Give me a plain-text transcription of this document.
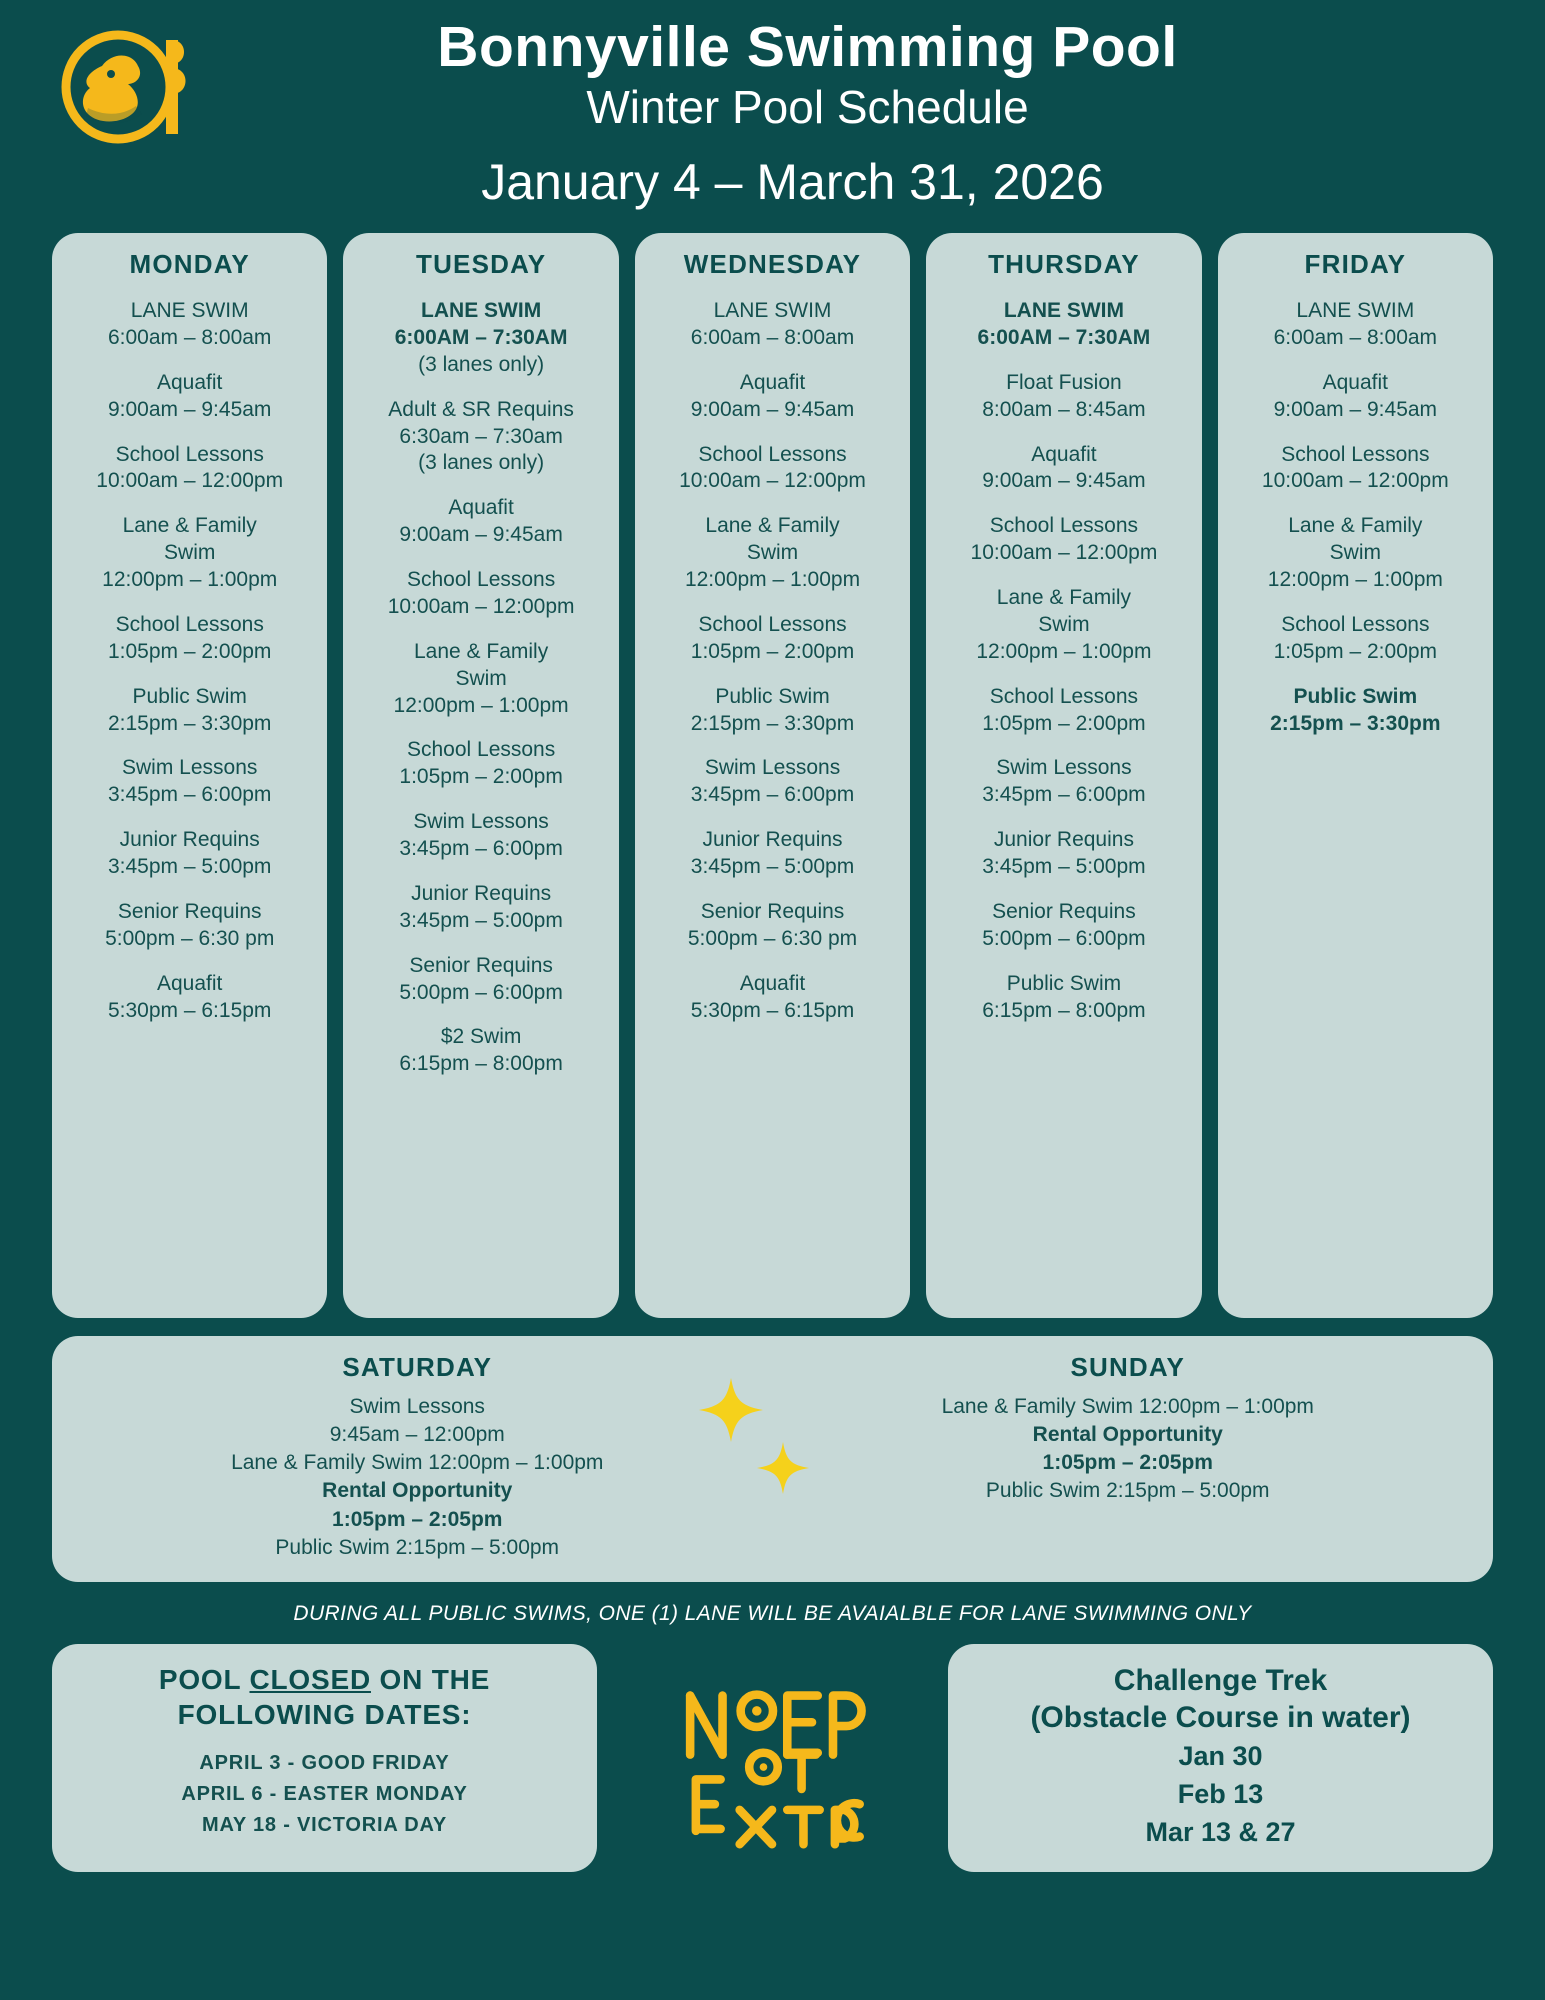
Bonnyville Swimming Pool
Winter Pool Schedule
January 4 – March 31, 2026
MONDAY
LANE SWIM
6:00am – 8:00am
Aquafit
9:00am – 9:45am
School Lessons
10:00am – 12:00pm
Lane & Family
Swim
12:00pm – 1:00pm
School Lessons
1:05pm – 2:00pm
Public Swim
2:15pm – 3:30pm
Swim Lessons
3:45pm – 6:00pm
Junior Requins
3:45pm – 5:00pm
Senior Requins
5:00pm – 6:30 pm
Aquafit
5:30pm – 6:15pm
TUESDAY
LANE SWIM
6:00AM – 7:30AM
(3 lanes only)
Adult & SR Requins
6:30am – 7:30am
(3 lanes only)
Aquafit
9:00am – 9:45am
School Lessons
10:00am – 12:00pm
Lane & Family
Swim
12:00pm – 1:00pm
School Lessons
1:05pm – 2:00pm
Swim Lessons
3:45pm – 6:00pm
Junior Requins
3:45pm – 5:00pm
Senior Requins
5:00pm – 6:00pm
$2 Swim
6:15pm – 8:00pm
WEDNESDAY
LANE SWIM
6:00am – 8:00am
Aquafit
9:00am – 9:45am
School Lessons
10:00am – 12:00pm
Lane & Family
Swim
12:00pm – 1:00pm
School Lessons
1:05pm – 2:00pm
Public Swim
2:15pm – 3:30pm
Swim Lessons
3:45pm – 6:00pm
Junior Requins
3:45pm – 5:00pm
Senior Requins
5:00pm – 6:30 pm
Aquafit
5:30pm – 6:15pm
THURSDAY
LANE SWIM
6:00AM – 7:30AM
Float Fusion
8:00am – 8:45am
Aquafit
9:00am – 9:45am
School Lessons
10:00am – 12:00pm
Lane & Family
Swim
12:00pm – 1:00pm
School Lessons
1:05pm – 2:00pm
Swim Lessons
3:45pm – 6:00pm
Junior Requins
3:45pm – 5:00pm
Senior Requins
5:00pm – 6:00pm
Public Swim
6:15pm – 8:00pm
FRIDAY
LANE SWIM
6:00am – 8:00am
Aquafit
9:00am – 9:45am
School Lessons
10:00am – 12:00pm
Lane & Family
Swim
12:00pm – 1:00pm
School Lessons
1:05pm – 2:00pm
Public Swim
2:15pm – 3:30pm
SATURDAY
Swim Lessons
9:45am – 12:00pm
Lane & Family Swim 12:00pm – 1:00pm
Rental Opportunity
1:05pm – 2:05pm
Public Swim 2:15pm – 5:00pm
SUNDAY
Lane & Family Swim 12:00pm – 1:00pm
Rental Opportunity
1:05pm – 2:05pm
Public Swim 2:15pm – 5:00pm
DURING ALL PUBLIC SWIMS, ONE (1) LANE WILL BE AVAIALBLE FOR LANE SWIMMING ONLY
POOL CLOSED ON THE
FOLLOWING DATES:
APRIL 3 - GOOD FRIDAY
APRIL 6 - EASTER MONDAY
MAY 18 - VICTORIA DAY
Challenge Trek
(Obstacle Course in water)
Jan 30
Feb 13
Mar 13 & 27
